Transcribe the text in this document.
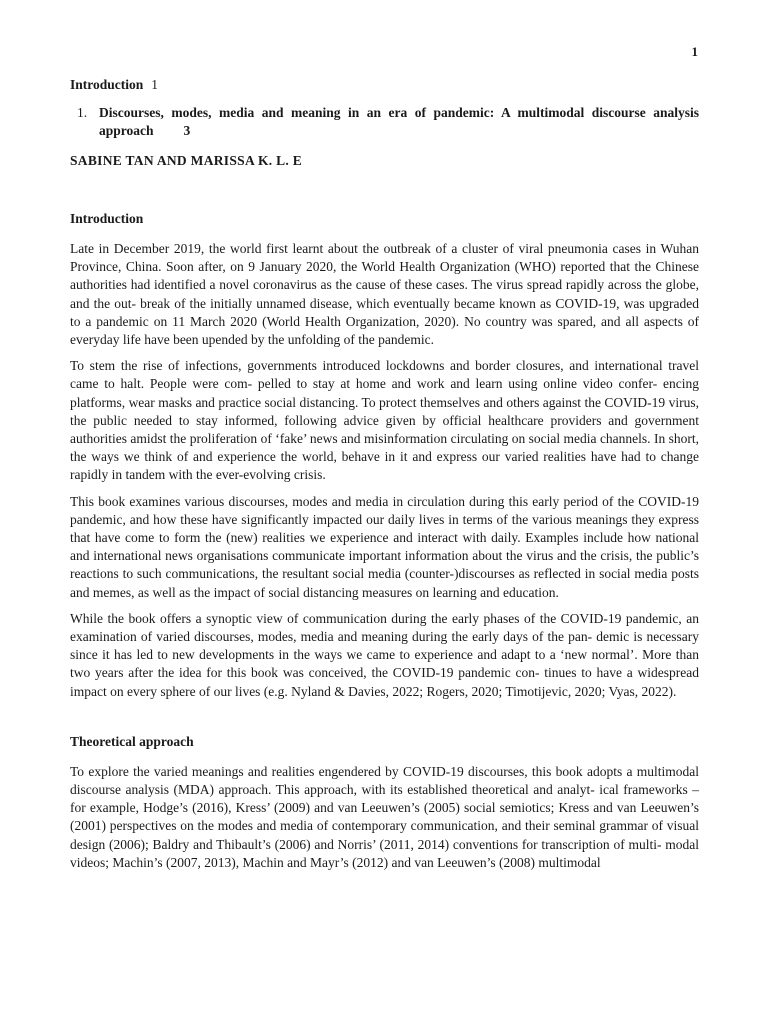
1
Introduction 1
1. Discourses, modes, media and meaning in an era of pandemic: A multimodal discourse analysis approach 3
SABINE TAN AND MARISSA K. L. E
Introduction

Late in December 2019, the world first learnt about the outbreak of a cluster of viral pneumonia cases in Wuhan Province, China. Soon after, on 9 January 2020, the World Health Organization (WHO) reported that the Chinese authorities had identified a novel coronavirus as the cause of these cases. The virus spread rapidly across the globe, and the out- break of the initially unnamed disease, which eventually became known as COVID-19, was upgraded to a pandemic on 11 March 2020 (World Health Organization, 2020). No country was spared, and all aspects of everyday life have been upended by the unfolding of the pandemic.

To stem the rise of infections, governments introduced lockdowns and border closures, and international travel came to halt. People were com- pelled to stay at home and work and learn using online video confer- encing platforms, wear masks and practice social distancing. To protect themselves and others against the COVID-19 virus, the public needed to stay informed, following advice given by official healthcare providers and government authorities amidst the proliferation of ‘fake’ news and misinformation circulating on social media channels. In short, the ways we think of and experience the world, behave in it and express our varied realities have had to change rapidly in tandem with the ever-evolving crisis.

This book examines various discourses, modes and media in circulation during this early period of the COVID-19 pandemic, and how these have significantly impacted our daily lives in terms of the various meanings they express that have come to form the (new) realities we experience and interact with daily. Examples include how national and international news organisations communicate important information about the virus and the crisis, the public’s reactions to such communications, the resultant social media (counter-)discourses as reflected in social media posts and memes, as well as the impact of social distancing measures on learning and education.

While the book offers a synoptic view of communication during the early phases of the COVID-19 pandemic, an examination of varied discourses, modes, media and meaning during the early days of the pan- demic is necessary since it has led to new developments in the ways we came to experience and adapt to a ‘new normal’. More than two years after the idea for this book was conceived, the COVID-19 pandemic con- tinues to have a widespread impact on every sphere of our lives (e.g. Nyland & Davies, 2022; Rogers, 2020; Timotijevic, 2020; Vyas, 2022).

Theoretical approach

To explore the varied meanings and realities engendered by COVID-19 discourses, this book adopts a multimodal discourse analysis (MDA) approach. This approach, with its established theoretical and analyt- ical frameworks – for example, Hodge’s (2016), Kress’ (2009) and van Leeuwen’s (2005) social semiotics; Kress and van Leeuwen’s (2001) perspectives on the modes and media of contemporary communication, and their seminal grammar of visual design (2006); Baldry and Thibault’s (2006) and Norris’ (2011, 2014) conventions for transcription of multi- modal videos; Machin’s (2007, 2013), Machin and Mayr’s (2012) and van Leeuwen’s (2008) multimodal
